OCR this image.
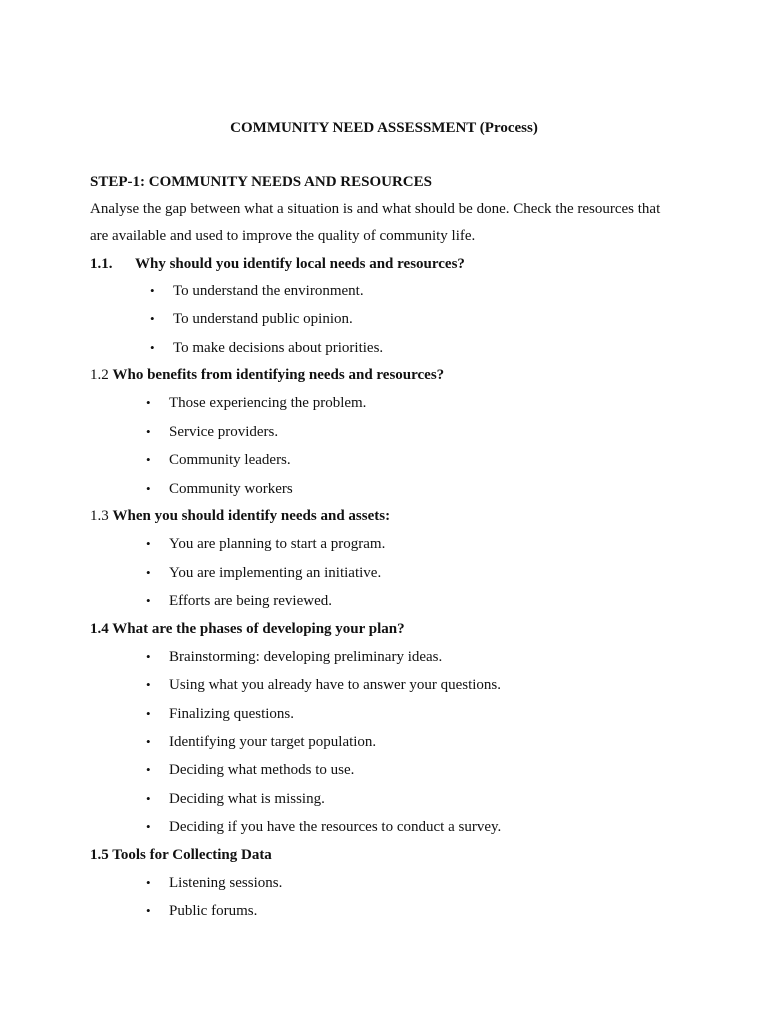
COMMUNITY NEED ASSESSMENT (Process)
STEP-1: COMMUNITY NEEDS AND RESOURCES
Analyse the gap between what a situation is and what should be done. Check the resources that
are available and used to improve the quality of community life.
1.1. Why should you identify local needs and resources?
• To understand the environment.
• To understand public opinion.
• To make decisions about priorities.
1.2 Who benefits from identifying needs and resources?
• Those experiencing the problem.
• Service providers.
• Community leaders.
• Community workers
1.3 When you should identify needs and assets:
• You are planning to start a program.
• You are implementing an initiative.
• Efforts are being reviewed.
1.4 What are the phases of developing your plan?
• Brainstorming: developing preliminary ideas.
• Using what you already have to answer your questions.
• Finalizing questions.
• Identifying your target population.
• Deciding what methods to use.
• Deciding what is missing.
• Deciding if you have the resources to conduct a survey.
1.5 Tools for Collecting Data
• Listening sessions.
• Public forums.
